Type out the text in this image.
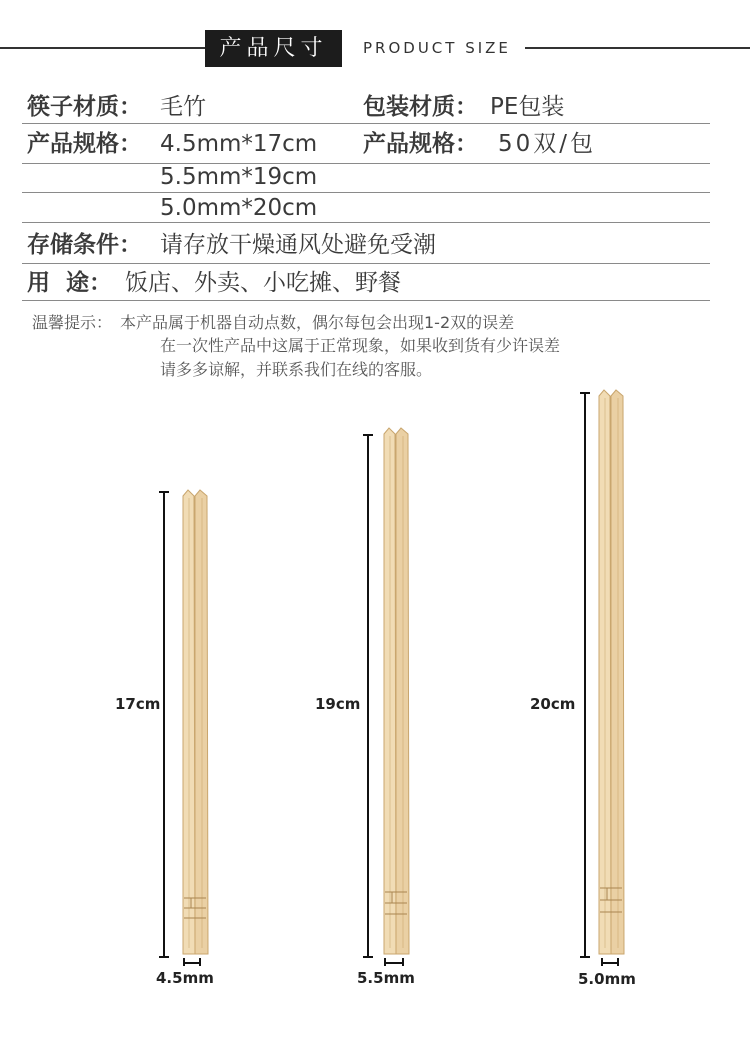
产品尺寸	PRODUCT SIZE
筷子材质： 毛竹	包装材质： PE包装
产品规格： 4.5mm*17cm 产品规格： 50双/包
5.5mm*19cm
5.0mm*20cm
存储条件： 请存放干燥通风处避免受潮
用  途： 饭店、外卖、小吃摊、野餐
温馨提示： 本产品属于机器自动点数，偶尔每包会出现1-2双的误差
在一次性产品中这属于正常现象，如果收到货有少许误差
请多多谅解，并联系我们在线的客服。
17cm
4.5mm
19cm
5.5mm
20cm
5.0mm
